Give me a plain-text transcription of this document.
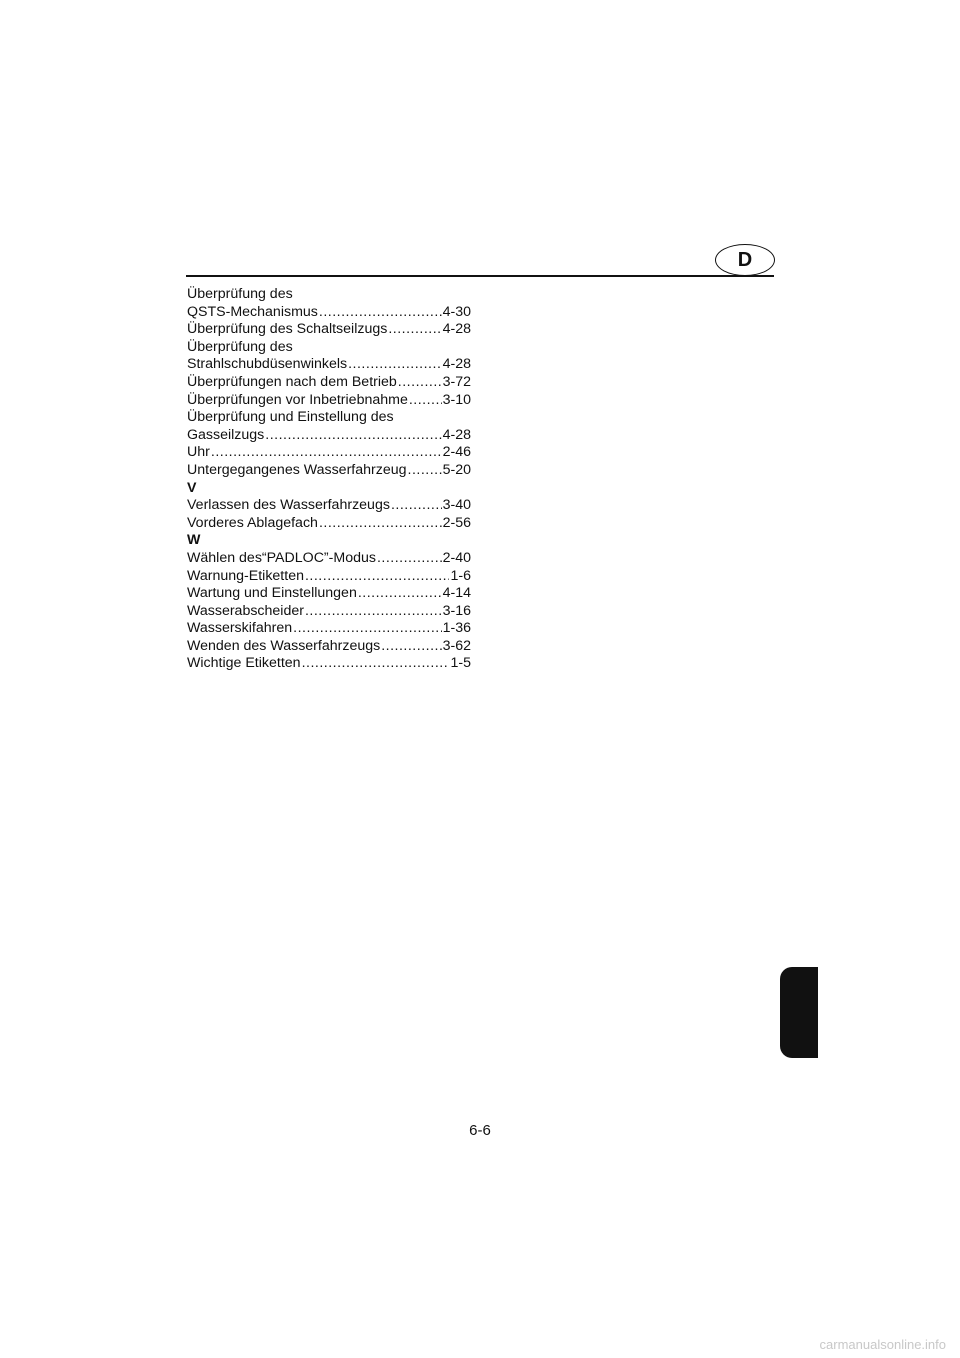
D
Überprüfung des
QSTS-Mechanismus .....	4-30
Überprüfung des Schaltseilzugs .....	4-28
Überprüfung des
Strahlschubdüsenwinkels .....	4-28
Überprüfungen nach dem Betrieb .....	3-72
Überprüfungen vor Inbetriebnahme ..... 3-10
Überprüfung und Einstellung des
Gasseilzugs .....	4-28
Uhr .....	2-46
Untergegangenes Wasserfahrzeug .....	5-20
V
Verlassen des Wasserfahrzeugs .....	3-40
Vorderes Ablagefach .....	2-56
W
Wählen des“PADLOC”-Modus .....	2-40
Warnung-Etiketten .....	1-6
Wartung und Einstellungen .....	4-14
Wasserabscheider .....	3-16
Wasserskifahren .....	1-36
Wenden des Wasserfahrzeugs .....	3-62
Wichtige Etiketten .....	1-5
6-6
carmanualsonline.info
